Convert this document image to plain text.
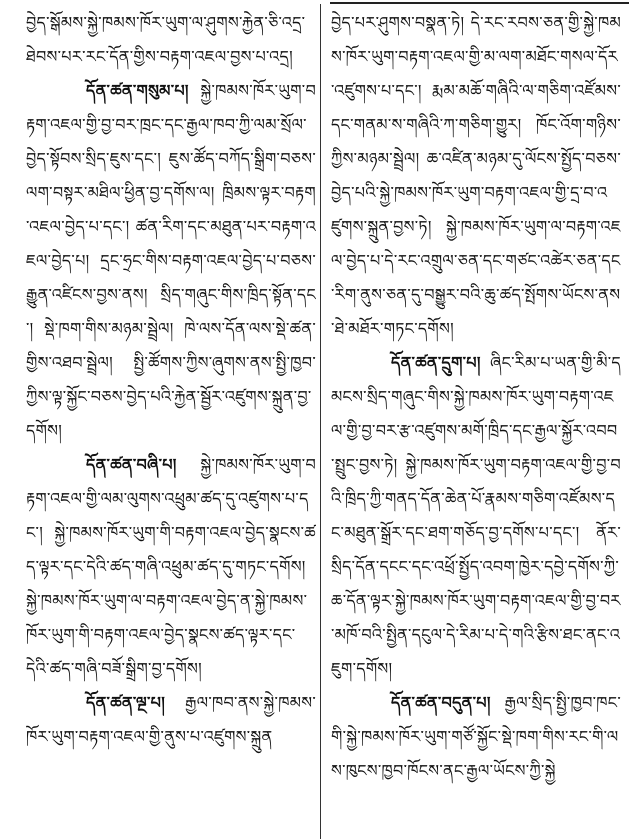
བྱེད་སྒོམས་སྐྱེ་ཁམས་ཁོར་ཡུག་ལ་ཤུགས་རྐྱེན་ཅི་འདྲ་ཐེབས་པར་རང་དོན་གྱིས་བརྟག་འཇལ་བྱས་པ་འདྲ།

དོན་ཚན་གསུམ་པ། སྐྱེ་ཁམས་ཁོར་ཡུག་བརྟག་འཇལ་གྱི་བྱ་བར་ཁྲང་དང་རྒྱལ་ཁབ་ཀྱི་ལམ་སྲོལ་བྱེད་སྟོབས་སྲིད་ཇུས་དང་། ཇུས་ཚོད་བཀོད་སྒྲིག་བཅས་ལག་བསྟར་མཐིལ་ཕྱིན་བྱ་དགོས་ལ། ཁྲིམས་ལྟར་བརྟག་འཇལ་བྱེད་པ་དང་། ཚན་རིག་དང་མཐུན་པར་བརྟག་འཇལ་བྱེད་པ། དྲང་ཧྲང་གིས་བརྟག་འཇལ་བྱེད་པ་བཅས་རྒྱུན་འཛིངས་བྱས་ནས། སྲིད་གཞུང་གིས་ཁྲིད་སྟོན་དང་། སྡེ་ཁག་གིས་མཉམ་སྦྲེལ། ཁེ་ལས་དོན་ལས་སྡེ་ཚན་གྱིས་འཐབ་སྦྲེལ། སྤྱི་ཚོགས་ཀྱིས་ཞུགས་ནས་སྤྱི་ཁྱབ་ཀྱིས་ལྟ་སྐྱོང་བཅས་བྱེད་པའི་རྐྱེན་སྦྱོར་འཛུགས་སྐྲུན་བྱ་དགོས།

དོན་ཚན་བཞི་པ། སྐྱེ་ཁམས་ཁོར་ཡུག་བརྟག་འཇལ་གྱི་ལམ་ལུགས་འཕྲུམ་ཚད་དུ་འཛུགས་པ་དང་། སྐྱེ་ཁམས་ཁོར་ཡུག་གི་བརྟག་འཇལ་བྱེད་སྣངས་ཚད་ལྟར་དང་དེའི་ཚད་གཞི་འཕྲུམ་ཚད་དུ་གཏང་དགོས། སྐྱེ་ཁམས་ཁོར་ཡུག་ལ་བརྟག་འཇལ་བྱེད་ན་སྐྱེ་ཁམས་ཁོར་ཡུག་གི་བརྟག་འཇལ་བྱེད་སྣངས་ཚད་ལྟར་དང་དེའི་ཚད་གཞི་བཟོ་སྒྲིག་བྱ་དགོས།

དོན་ཚན་ལྔ་པ། རྒྱལ་ཁབ་ནས་སྐྱེ་ཁམས་ཁོར་ཡུག་བརྟག་འཇལ་གྱི་ནུས་པ་འཛུགས་སྐྲུན

བྱེད་པར་ཤུགས་བསྣན་ཏེ། དེ་རང་རབས་ཅན་གྱི་སྐྱེ་ཁམས་ཁོར་ཡུག་བརྟག་འཇལ་གྱི་མ་ལག་མཐོང་གསལ་དོར་འཛུགས་པ་དང་། རྨམ་མཆོ་གཞིའི་ལ་གཅིག་འཛོམས་དང་གནམ་ས་གཞིའི་ཀ་གཅིག་གྱུར། ཁོང་འོག་གཉིས་ཀྱིས་མཉམ་སྦྲེལ། ཆ་འཛིན་མཉམ་དུ་ལོངས་སྤྱོད་བཅས་བྱེད་པའི་སྐྱེ་ཁམས་ཁོར་ཡུག་བརྟག་འཇལ་གྱི་དྲ་བ་འཛུགས་སྐྲུན་བྱས་ཏེ། སྐྱེ་ཁམས་ཁོར་ཡུག་ལ་བརྟག་འཇལ་བྱེད་པ་དེ་རང་འགྲུལ་ཅན་དང་གཙང་འཚེར་ཅན་དང་རིག་ནུས་ཅན་དུ་བསྒྱུར་བའི་ཆུ་ཚད་སྤོགས་ཡོངས་ནས་ཐེ་མཐོར་གཏང་དགོས།

དོན་ཚན་དྲུག་པ། ཞིང་རིམ་པ་ཡན་གྱི་མི་དམངས་སྲིད་གཞུང་གིས་སྐྱེ་ཁམས་ཁོར་ཡུག་བརྟག་འཇལ་གྱི་བྱ་བར་རྩ་འཛུགས་མགོ་ཁྲིད་དང་རྒྱལ་སྐྱོར་འབབ་སྤྲུང་བྱས་ཏེ། སྐྱེ་ཁམས་ཁོར་ཡུག་བརྟག་འཇལ་གྱི་བྱ་བའི་ཁྲིད་ཀྱི་གནད་དོན་ཆེན་པོ་རྣམས་གཅིག་འཛོམས་དང་མཐུན་སྒྲོར་དང་ཐག་གཅོད་བྱ་དགོས་པ་དང་། ནོར་སྲིད་དོན་དངང་དང་འཕྲོ་སྤྱོད་འབག་ཁྱེར་དབྱེ་དགོས་ཀྱི་ཆ་དོན་ལྟར་སྐྱེ་ཁམས་ཁོར་ཡུག་བརྟག་འཇལ་གྱི་བྱ་བར་མཁོ་བའི་སྤྱིན་དངུལ་དེ་རིམ་པ་དེ་གའི་རྩིས་ཐང་ནང་འཇུག་དགོས།

དོན་ཚན་བདུན་པ། རྒྱལ་སྲིད་སྤྱི་ཁྱབ་ཁང་གི་སྐྱེ་ཁམས་ཁོར་ཡུག་གཙོ་སྐྱོང་སྡེ་ཁག་གིས་རང་གི་ལས་ཁུངས་ཁྱབ་ཁོངས་ནང་རྒྱལ་ཡོངས་ཀྱི་སྐྱེ
